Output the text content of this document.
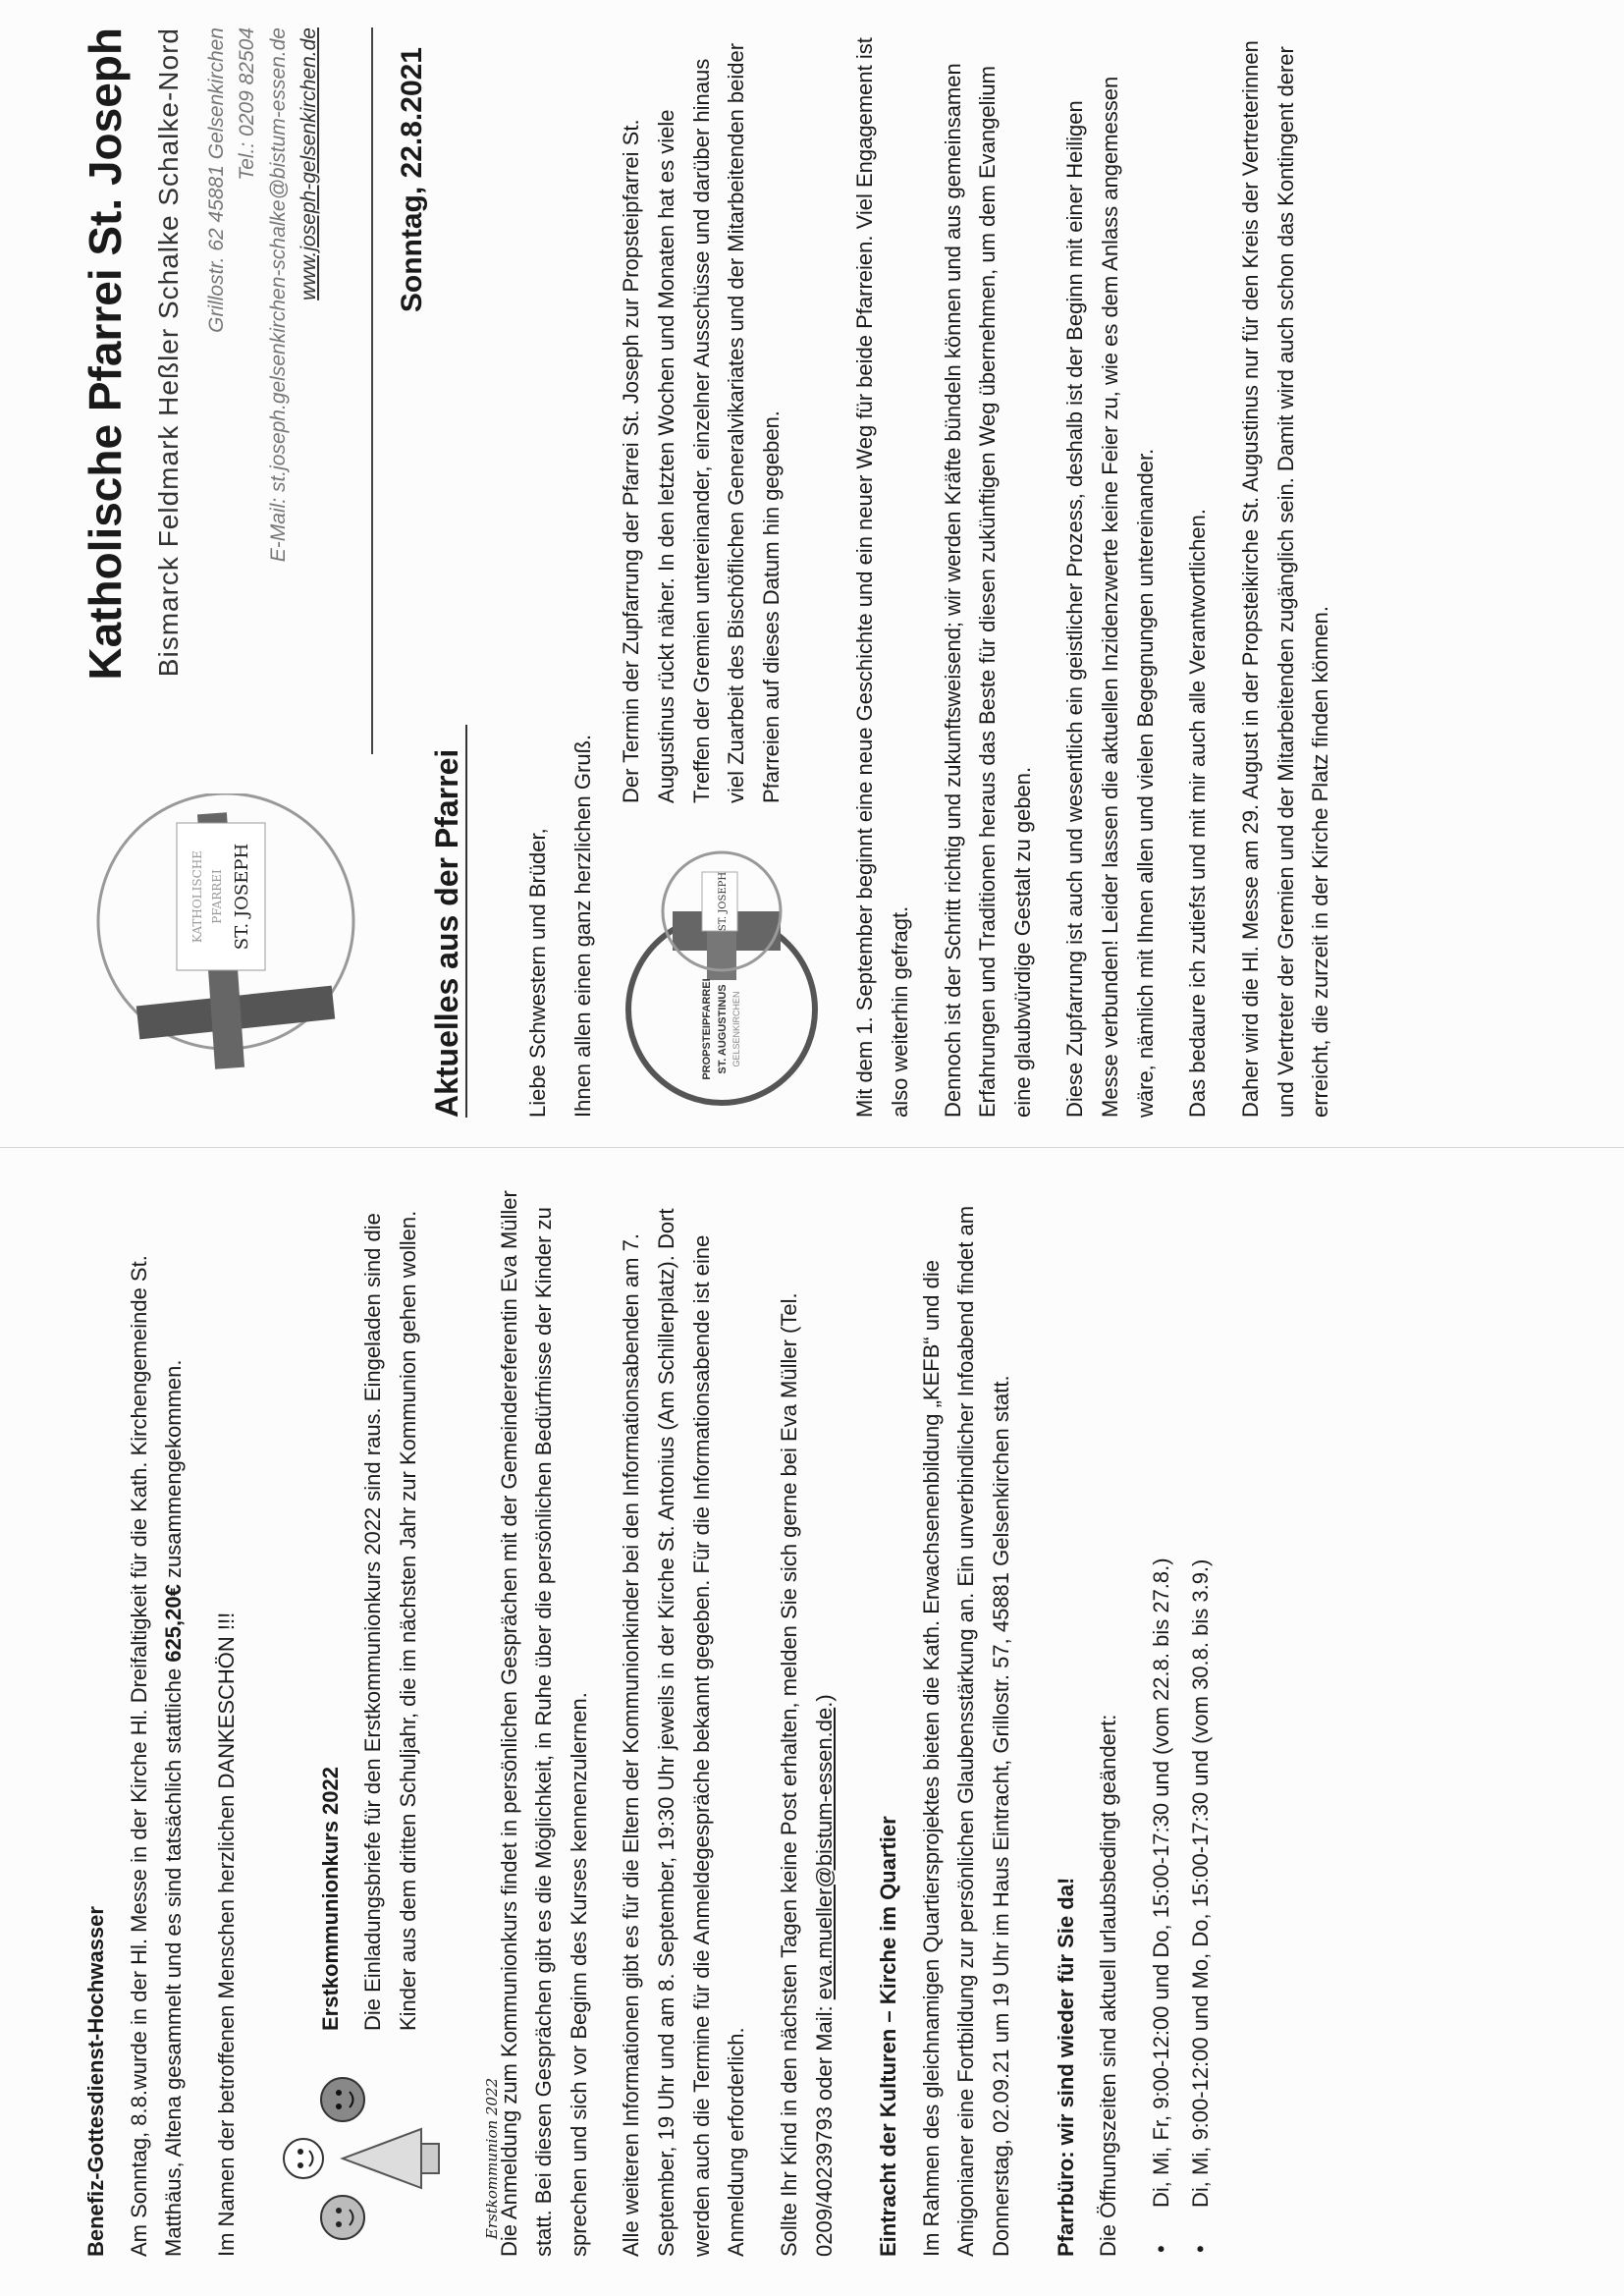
Benefiz-Gottesdienst-Hochwasser Am Sonntag, 8.8.wurde in der Hl. Messe in der Kirche Hl. Dreifaltigkeit für die Kath. Kirchengemeinde St. Matthäus, Altena gesammelt und es sind tatsächlich stattliche 625,20€ zusammengekommen.

Im Namen der betroffenen Menschen herzlichen DANKESCHÖN !!!	Erstkommunion 2022
Erstkommunionkurs 2022 Die Einladungsbriefe für den Erstkommunionkurs 2022 sind raus. Eingeladen sind die Kinder aus dem dritten Schuljahr, die im nächsten Jahr zur Kommunion gehen wollen.	Die Anmeldung zum Kommunionkurs findet in persönlichen Gesprächen mit der Gemeindereferentin Eva Müller statt. Bei diesen Gesprächen gibt es die Möglichkeit, in Ruhe über die persönlichen Bedürfnisse der Kinder zu sprechen und sich vor Beginn des Kurses kennenzulernen. Alle weiteren Informationen gibt es für die Eltern der Kommunionkinder bei den Informationsabenden am 7. September, 19 Uhr und am 8. September, 19:30 Uhr jeweils in der Kirche St. Antonius (Am Schillerplatz). Dort werden auch die Termine für die Anmeldegespräche bekannt gegeben. Für die Informationsabende ist eine Anmeldung erforderlich. Sollte Ihr Kind in den nächsten Tagen keine Post erhalten, melden Sie sich gerne bei Eva Müller (Tel. 0209/40239793 oder Mail: eva.mueller@bistum-essen.de.)

Eintracht der Kulturen – Kirche im Quartier Im Rahmen des gleichnamigen Quartiersprojektes bieten die Kath. Erwachsenenbildung „KEFB“ und die Amigonianer eine Fortbildung zur persönlichen Glaubensstärkung an. Ein unverbindlicher Infoabend findet am Donnerstag, 02.09.21 um 19 Uhr im Haus Eintracht, Grillostr. 57, 45881 Gelsenkirchen statt. Pfarrbüro: wir sind wieder für Sie da! Die Öffnungszeiten sind aktuell urlaubsbedingt geändert: •
Di, Mi, Fr, 9:00-12:00 und Do, 15:00-17:30 und (vom 22.8. bis 27.8.)
•
Di, Mi, 9:00-12:00 und Mo, Do, 15:00-17:30 und (vom 30.8. bis 3.9.)
KATHOLISCHE PFARREI ST. JOSEPH
Katholische Pfarrei St. Joseph Bismarck Feldmark Heßler Schalke Schalke-Nord	Grillostr. 62 45881 Gelsenkirchen Tel.: 0209 82504 E-Mail: st.joseph.gelsenkirchen-schalke@bistum-essen.de www.joseph-gelsenkirchen.de	Sonntag, 22.8.2021
Aktuelles aus der Pfarrei	Liebe Schwestern und Brüder, Ihnen allen einen ganz herzlichen Gruß.	ST. JOSEPH
PROPSTEIPFARREI ST. AUGUSTINUS GELSENKIRCHEN

Der Termin der Zupfarrung der Pfarrei St. Joseph zur Propsteipfarrei St. Augustinus rückt näher. In den letzten Wochen und Monaten hat es viele Treffen der Gremien untereinander, einzelner Ausschüsse und darüber hinaus viel Zuarbeit des Bischöflichen Generalvikariates und der Mitarbeitenden beider Pfarreien auf dieses Datum hin gegeben.	Mit dem 1. September beginnt eine neue Geschichte und ein neuer Weg für beide Pfarreien. Viel Engagement ist also weiterhin gefragt. Dennoch ist der Schritt richtig und zukunftsweisend; wir werden Kräfte bündeln können und aus gemeinsamen Erfahrungen und Traditionen heraus das Beste für diesen zukünftigen Weg übernehmen, um dem Evangelium eine glaubwürdige Gestalt zu geben. Diese Zupfarrung ist auch und wesentlich ein geistlicher Prozess, deshalb ist der Beginn mit einer Heiligen Messe verbunden! Leider lassen die aktuellen Inzidenzwerte keine Feier zu, wie es dem Anlass angemessen wäre, nämlich mit Ihnen allen und vielen Begegnungen untereinander. Das bedaure ich zutiefst und mit mir auch alle Verantwortlichen. Daher wird die Hl. Messe am 29. August in der Propsteikirche St. Augustinus nur für den Kreis der Vertreterinnen und Vertreter der Gremien und der Mitarbeitenden zugänglich sein. Damit wird auch schon das Kontingent derer erreicht, die zurzeit in der Kirche Platz finden können.
